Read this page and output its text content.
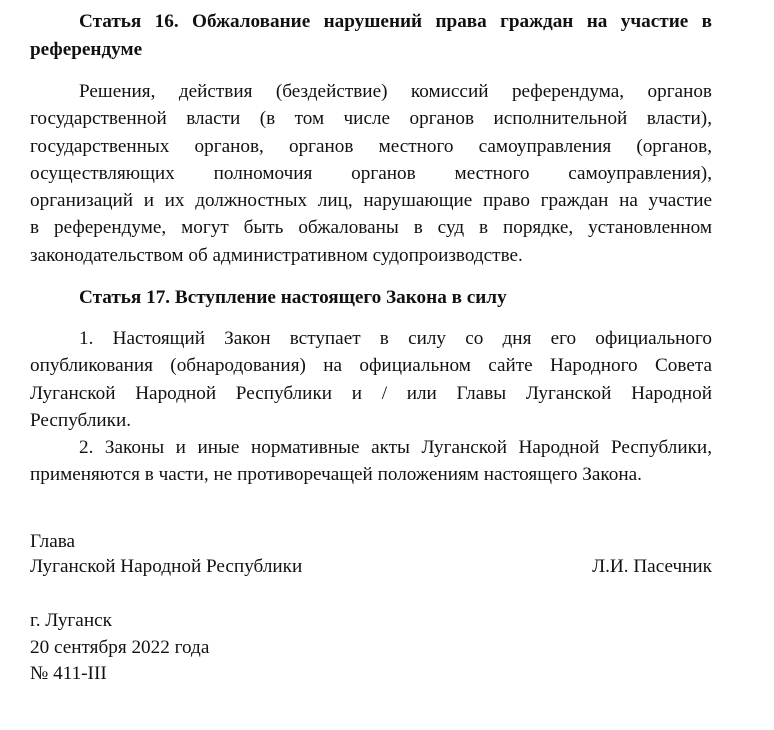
Статья 16. Обжалование нарушений права граждан на участие в

референдуме

Решения, действия (бездействие) комиссий референдума, органов

государственной власти (в том числе органов исполнительной власти),

государственных органов, органов местного самоуправления (органов,

осуществляющих полномочия органов местного самоуправления),

организаций и их должностных лиц, нарушающие право граждан на участие

в референдуме, могут быть обжалованы в суд в порядке, установленном

законодательством об административном судопроизводстве.

Статья 17. Вступление настоящего Закона в силу

1. Настоящий Закон вступает в силу со дня его официального

опубликования (обнародования) на официальном сайте Народного Совета

Луганской Народной Республики и / или Главы Луганской Народной

Республики.

2. Законы и иные нормативные акты Луганской Народной Республики,

применяются в части, не противоречащей положениям настоящего Закона.

Глава

Луганской Народной Республики	Л.И. Пасечник

г. Луганск

20 сентября 2022 года

№ 411-III
